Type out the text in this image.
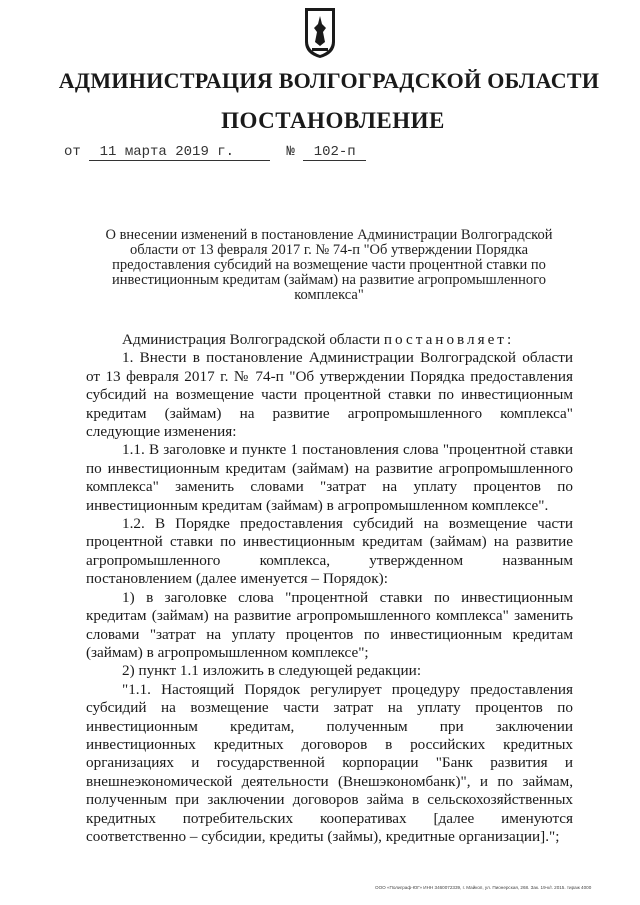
АДМИНИСТРАЦИЯ ВОЛГОГРАДСКОЙ ОБЛАСТИ
ПОСТАНОВЛЕНИЕ
от 11 марта 2019 г.	№ 102-п
О внесении изменений в постановление Администрации Волгоградской области от 13 февраля 2017 г. № 74-п "Об утверждении Порядка предоставления субсидий на возмещение части процентной ставки по инвестиционным кредитам (займам) на развитие агропромышленного комплекса"

Администрация Волгоградской области постановляет:

1. Внести в постановление Администрации Волгоградской области от 13 февраля 2017 г. № 74-п "Об утверждении Порядка предоставления субсидий на возмещение части процентной ставки по инвестиционным кредитам (займам) на развитие агропромышленного комплекса" следующие изменения:

1.1. В заголовке и пункте 1 постановления слова "процентной ставки по инвестиционным кредитам (займам) на развитие агропромышленного комплекса" заменить словами "затрат на уплату процентов по инвестиционным кредитам (займам) в агропромышленном комплексе".

1.2. В Порядке предоставления субсидий на возмещение части процентной ставки по инвестиционным кредитам (займам) на развитие агропромышленного комплекса, утвержденном названным постановлением (далее именуется – Порядок):

1) в заголовке слова "процентной ставки по инвестиционным кредитам (займам) на развитие агропромышленного комплекса" заменить словами "затрат на уплату процентов по инвестиционным кредитам (займам) в агропромышленном комплексе";

2) пункт 1.1 изложить в следующей редакции:

"1.1. Настоящий Порядок регулирует процедуру предоставления субсидий на возмещение части затрат на уплату процентов по инвестиционным кредитам, полученным при заключении инвестиционных кредитных договоров в российских кредитных организациях и государственной корпорации "Банк развития и внешнеэкономической деятельности (Внешэкономбанк)", и по займам, полученным при заключении договоров займа в сельскохозяйственных кредитных потребительских кооперативах [далее именуются соответственно – субсидии, кредиты (займы), кредитные организации].";

ООО «Полиграф-ЮГ» ИНН 3460072339, г. Майкоп, ул. Пионерская, 268. Зак. 19-к/г. 2015. тираж 4000
